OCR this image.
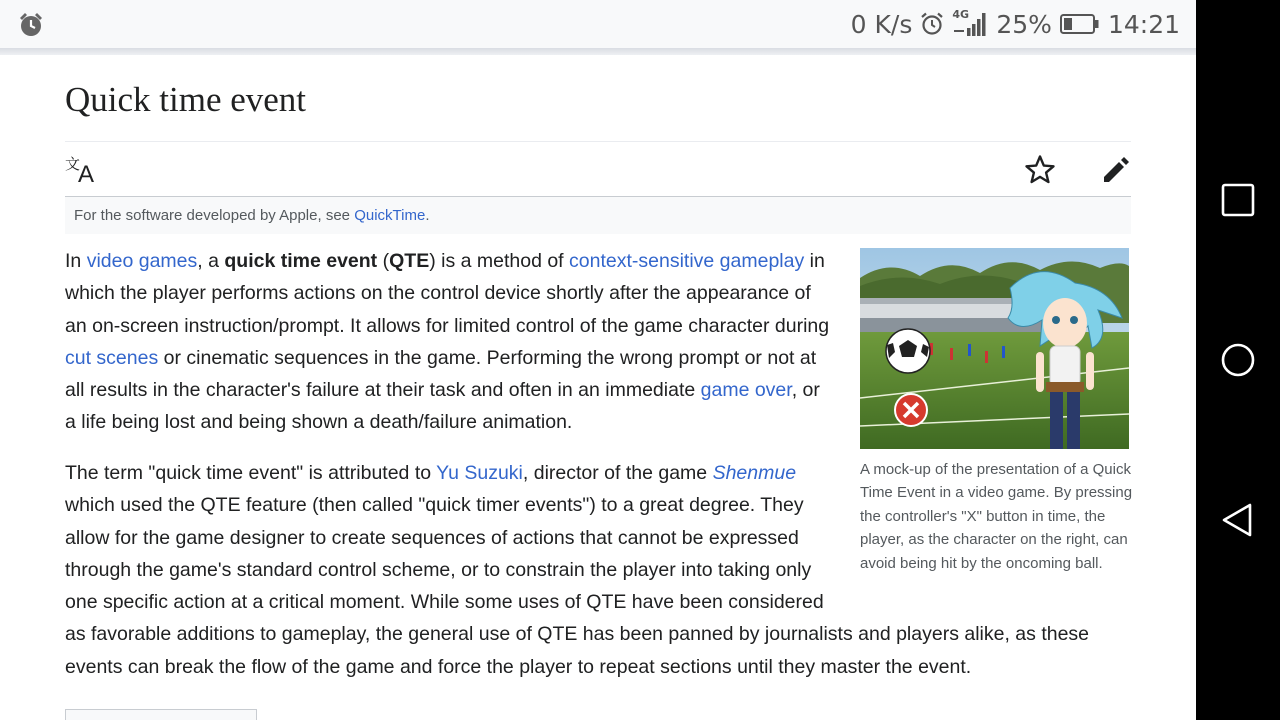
0 K/s	4G 25% 14:21
Quick time event
文
A
For the software developed by Apple, see QuickTime.

In video games, a quick time event (QTE) is a method of context-sensitive gameplay in which the player performs actions on the control device shortly after the appearance of an on-screen instruction/prompt. It allows for limited control of the game character during cut scenes or cinematic sequences in the game. Performing the wrong prompt or not at all results in the character's failure at their task and often in an immediate game over, or a life being lost and being shown a death/failure animation.

A mock-up of the presentation of a Quick Time Event in a video game. By pressing the controller's "X" button in time, the player, as the character on the right, can avoid being hit by the oncoming ball.

The term "quick time event" is attributed to Yu Suzuki, director of the game Shenmue which used the QTE feature (then called "quick timer events") to a great degree. They allow for the game designer to create sequences of actions that cannot be expressed through the game's standard control scheme, or to constrain the player into taking only one specific action at a critical moment. While some uses of QTE have been considered as favorable additions to gameplay, the general use of QTE has been panned by journalists and players alike, as these events can break the flow of the game and force the player to repeat sections until they master the event.
